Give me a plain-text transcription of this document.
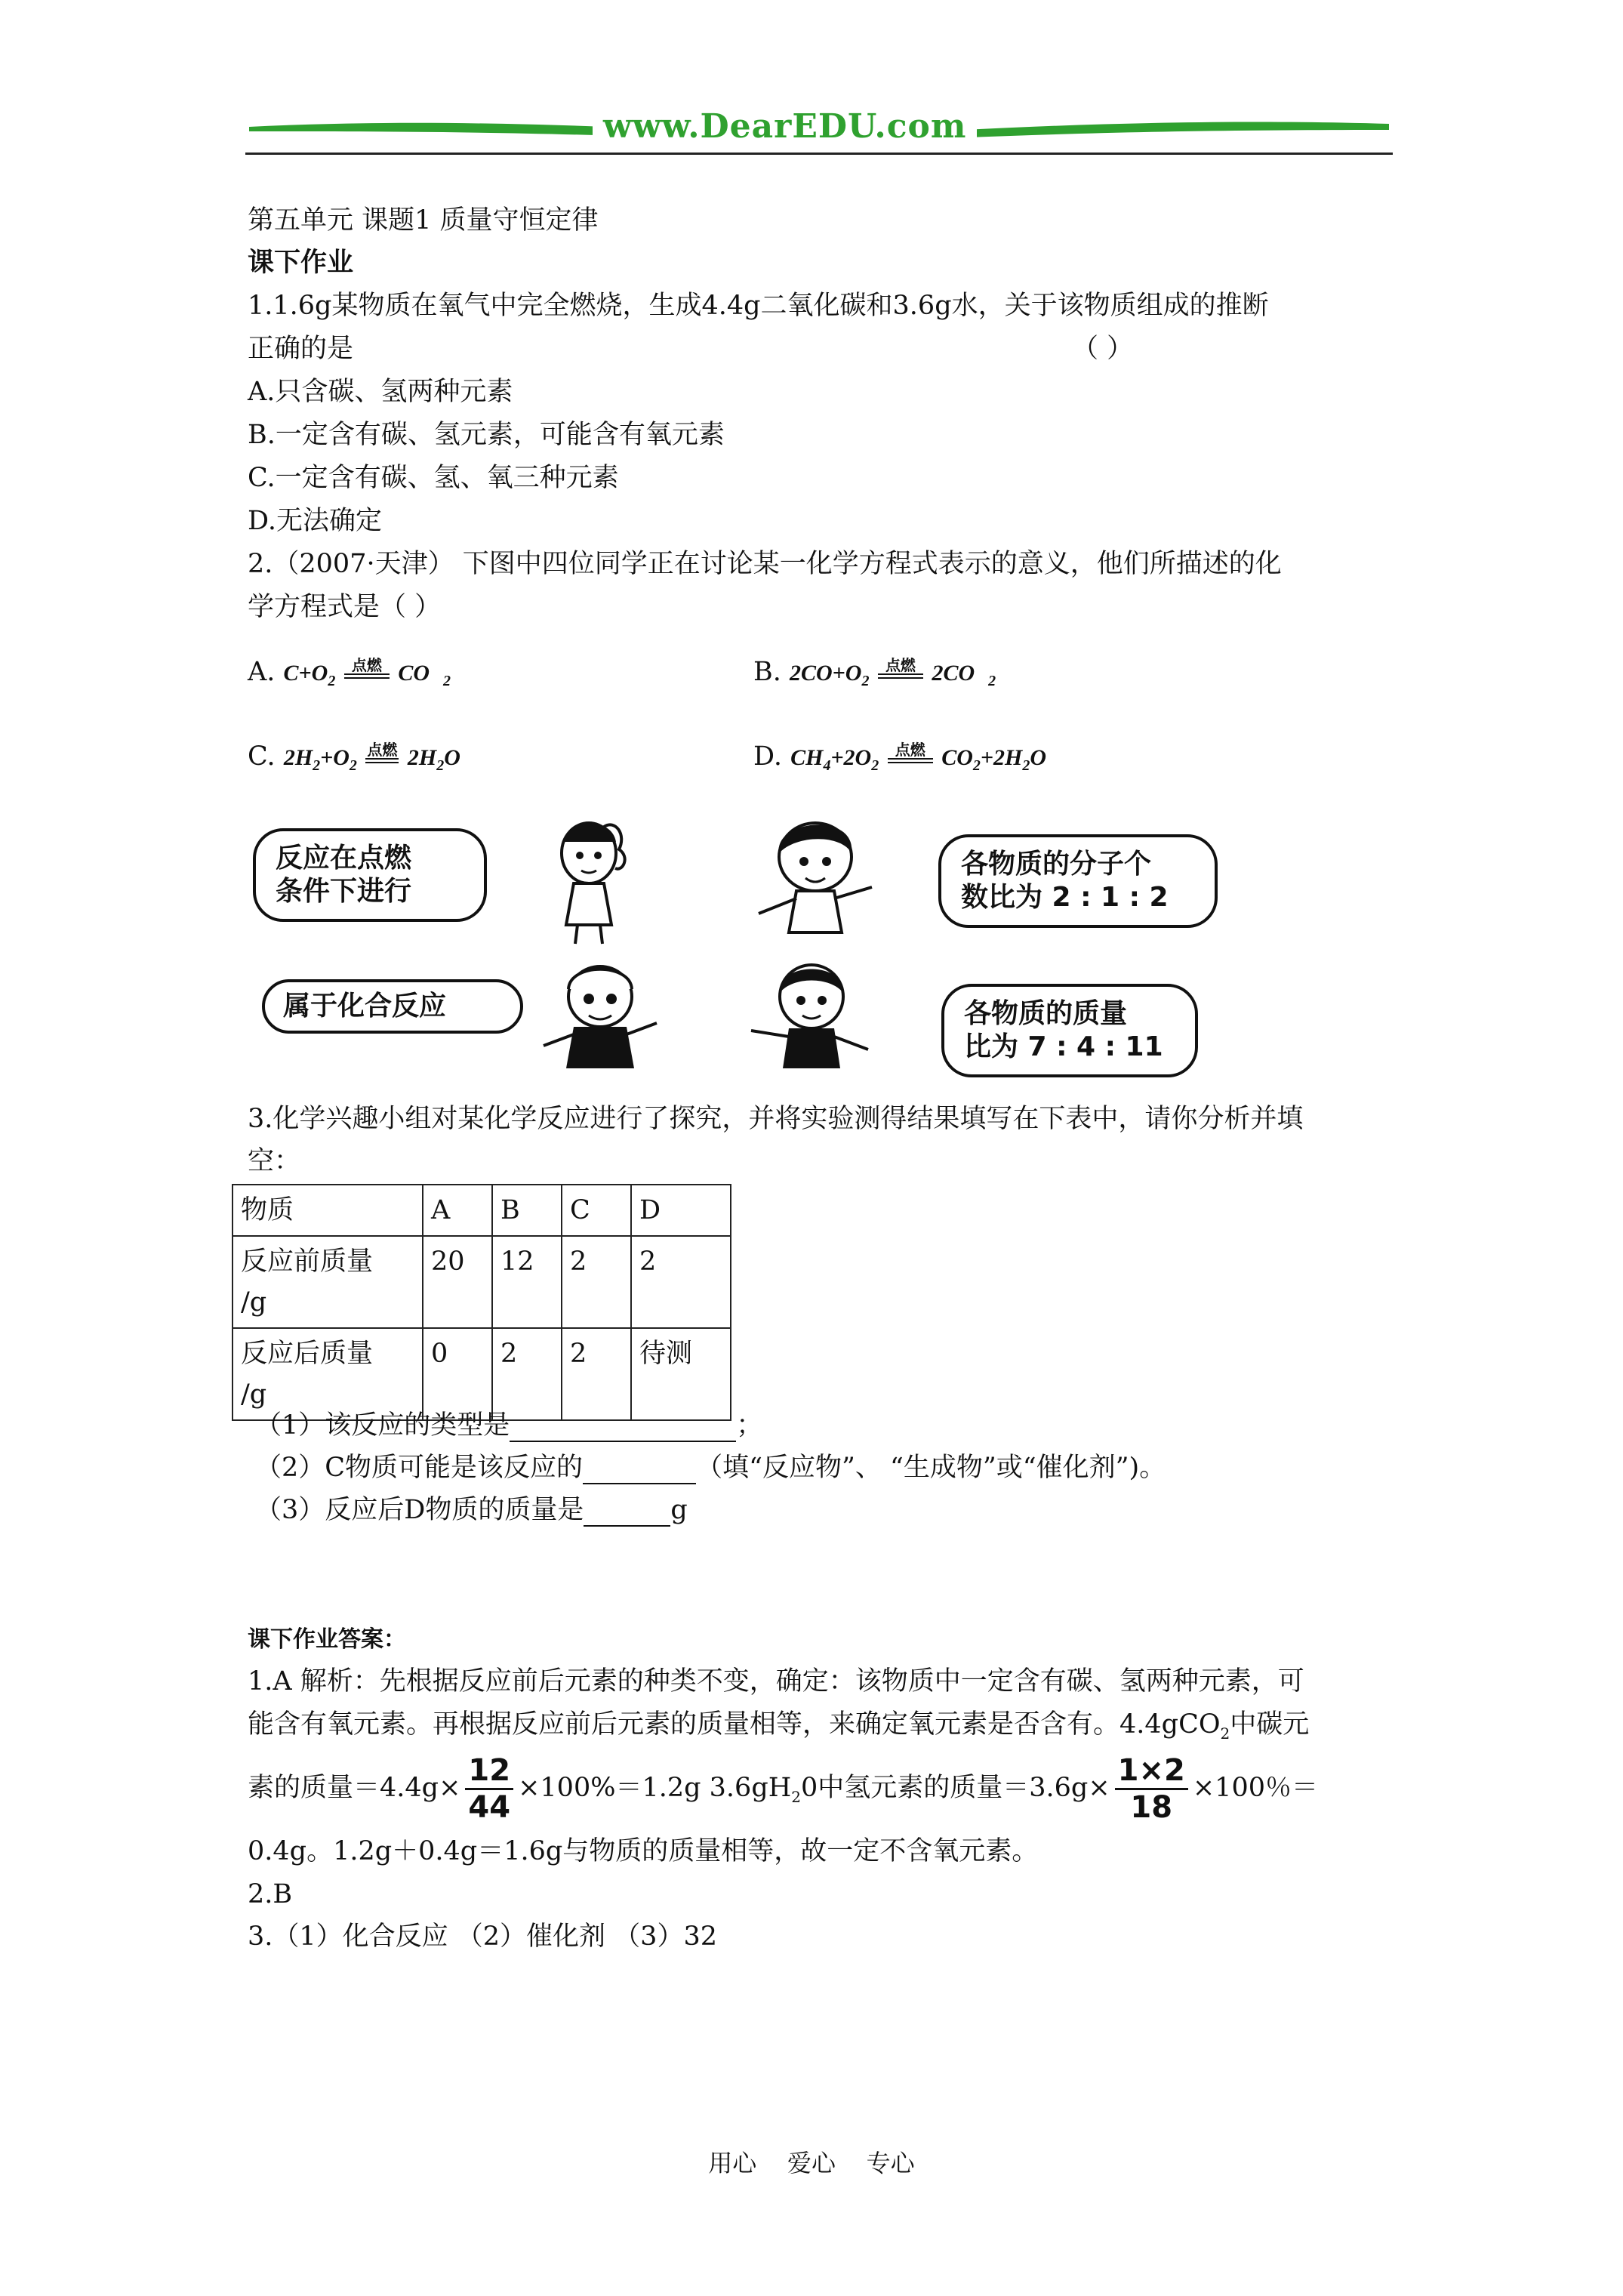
www.DearEDU.com
第五单元 课题1 质量守恒定律
课下作业
1.1.6g某物质在氧气中完全燃烧，生成4.4g二氧化碳和3.6g水，关于该物质组成的推断
正确的是	（ ）
A.只含碳、氢两种元素
B.一定含有碳、氢元素，可能含有氧元素
C.一定含有碳、氢、氧三种元素
D.无法确定
2.（2007·天津） 下图中四位同学正在讨论某一化学方程式表示的意义，他们所描述的化
学方程式是（ ）
A. $C+O_2$
点燃 CO $_2$	B. $2CO+O_2$
点燃 2CO $_2$
C. $2H_2+O_2$
点燃 $2H_2O$	D. $CH_4+2O_2$
点燃 $CO_2+2H_2O$
反应在点燃
条件下进行
各物质的分子个
数比为 2 : 1 : 2
属于化合反应	各物质的质量
比为 7 : 4 : 11
3.化学兴趣小组对某化学反应进行了探究，并将实验测得结果填写在下表中，请你分析并填
空：
物质	A	B	C	D

反应前质量
/g	20	12	2	2

反应后质量
/g	0	2	2	待测
（1）该反应的类型是	；
（2）C物质可能是该反应的	（填“反应物”、 “生成物”或“催化剂”)。
（3）反应后D物质的质量是	g
课下作业答案：
1.A 解析：先根据反应前后元素的种类不变，确定：该物质中一定含有碳、氢两种元素，可
能含有氧元素。再根据反应前后元素的质量相等，来确定氧元素是否含有。4.4gCO$_2$中碳元
素的质量$=4.4g\times \frac{12}{44} \times 100\%=1.2g$ $3.6gH_20$中氢元素的质量$=3.6g\times \frac{1\times 2}{18} \times 100$％＝
0.4g。1.2g＋0.4g＝1.6g与物质的质量相等，故一定不含氧元素。
2.B
3.（1）化合反应 （2）催化剂 （3）32
用心    爱心    专心
